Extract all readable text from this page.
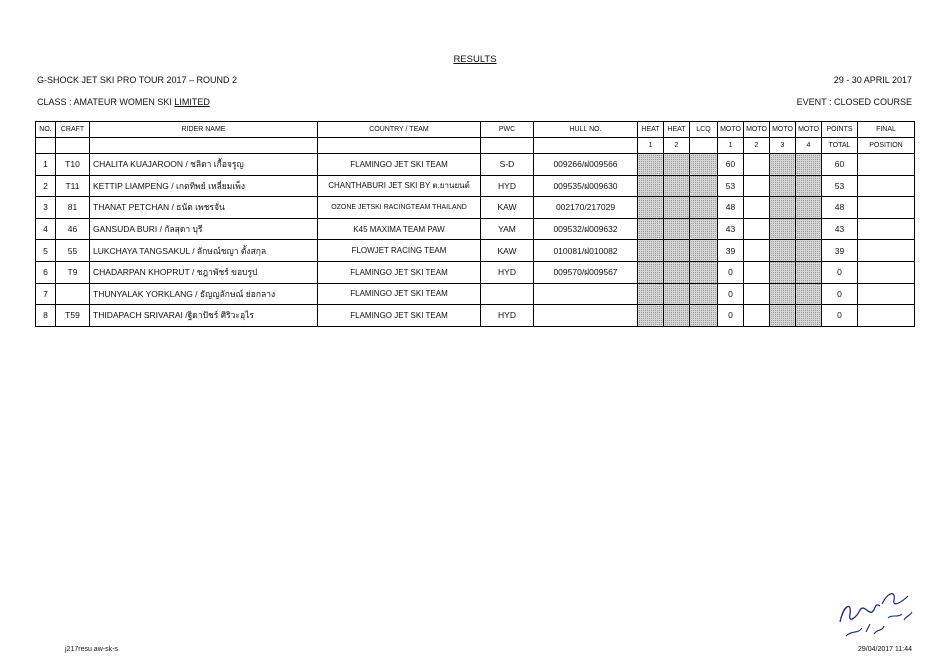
RESULTS
G-SHOCK JET SKI PRO TOUR 2017 – ROUND 2	29 - 30 APRIL 2017
CLASS : AMATEUR WOMEN SKI LIMITED	EVENT : CLOSED COURSE
NO.	CRAFT	RIDER NAME	COUNTRY / TEAM	PWC	HULL NO.	HEAT	HEAT	LCQ	MOTO	MOTO	MOTO	MOTO	POINTS	FINAL
						1	2		1	2	3	4	TOTAL	POSITION
1	T10	CHALITA KUAJAROON / ชลิตา เกื้อจรูญ	FLAMINGO JET SKI TEAM	S-D	009266/ฝ009566				60				60	
2	T11	KETTIP LIAMPENG / เกตทิพย์ เหลี่ยมเพ็ง	CHANTHABURI JET SKI BY ต.ยานยนต์	HYD	009535/ฝ009630				53				53	
3	81	THANAT PETCHAN / ธนัต เพชรจั่น	OZONE JETSKI RACINGTEAM THAILAND	KAW	002170/217029				48				48	
4	46	GANSUDA BURI / กัลสุดา บุรี	K45 MAXIMA TEAM PAW	YAM	009532/ฝ009632				43				43	
5	55	LUKCHAYA TANGSAKUL / ลักษณ์ชญา ตั้งสกุล	FLOWJET RACING TEAM	KAW	010081/ฝ010082				39				39	
6	T9	CHADARPAN KHOPRUT / ชฎาพัชร์ ขอบรูป	FLAMINGO JET SKI TEAM	HYD	009570/ฝ009567				0				0	
7		THUNYALAK YORKLANG / ธัญญลักษณ์ ย่อกลาง	FLAMINGO JET SKI TEAM						0				0	
8	T59	THIDAPACH SRIVARAI /ฐิดาปัชร์ ศิริวะอุไร	FLAMINGO JET SKI TEAM	HYD					0				0	
j217resu aw-sk-s	29/04/2017 11:44
